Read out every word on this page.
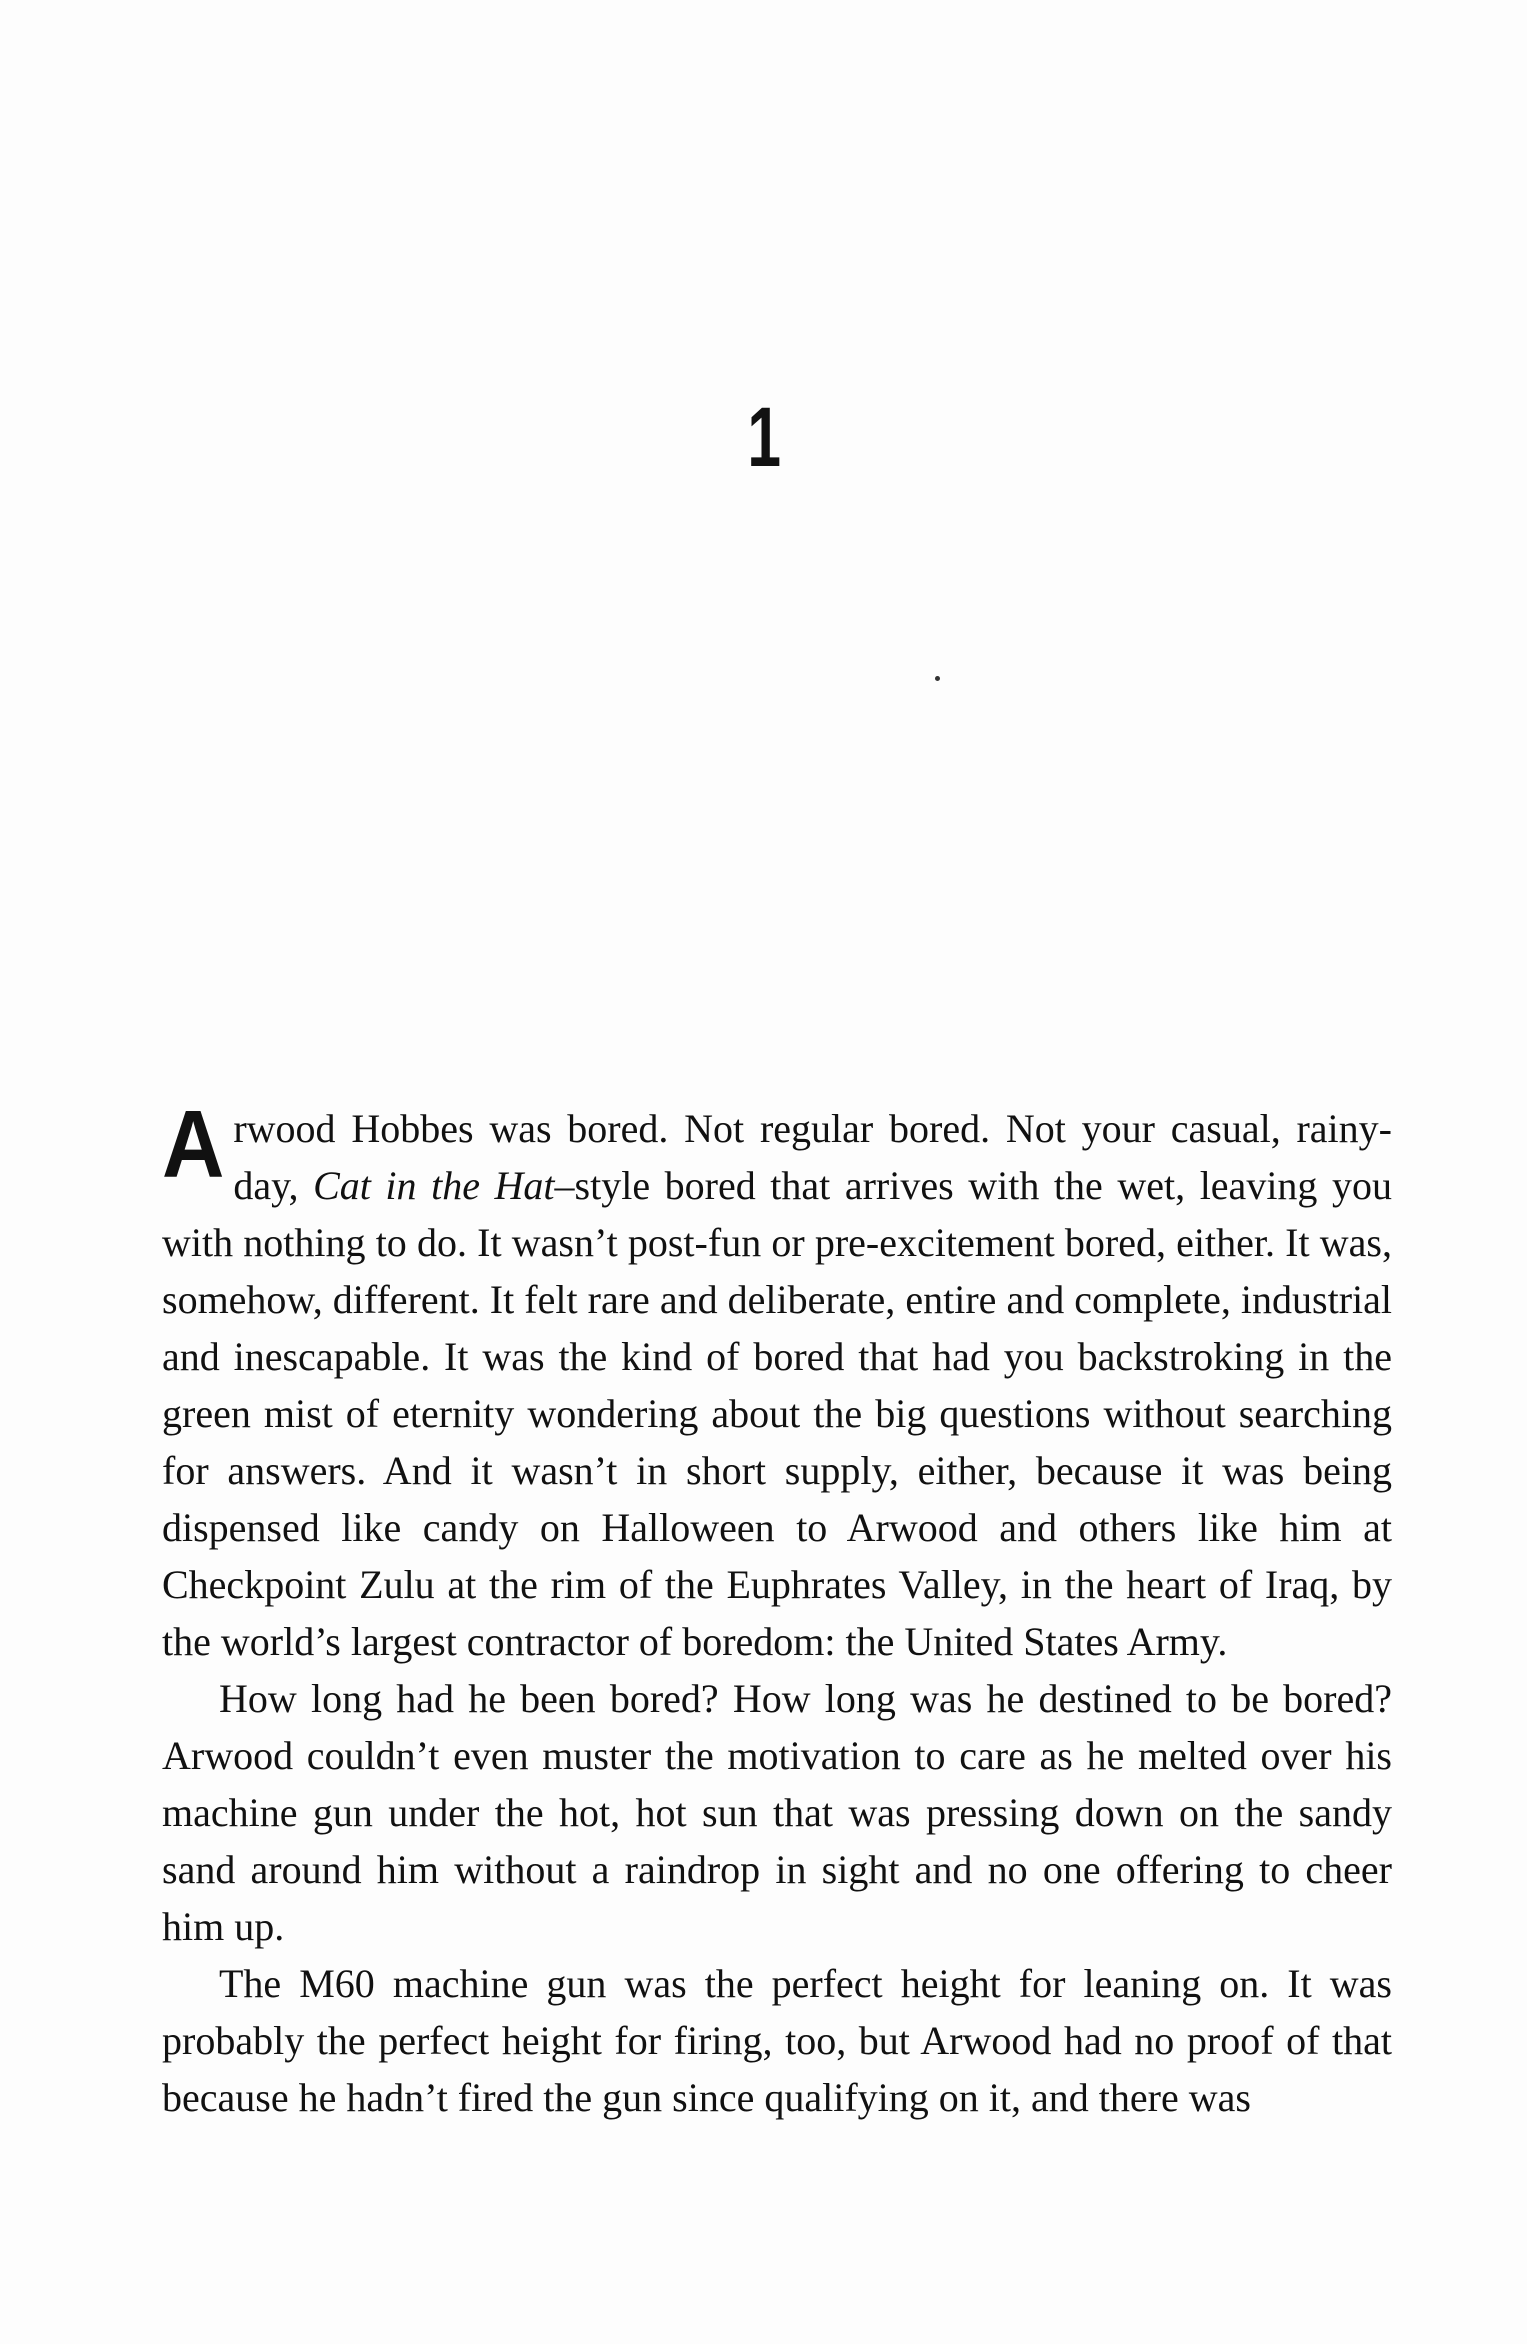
1

Arwood Hobbes was bored. Not regular bored. Not your casual, rainy-day, Cat in the Hat–style bored that arrives with the wet, leaving you with nothing to do. It wasn’t post-fun or pre-excitement bored, either. It was, somehow, different. It felt rare and deliberate, entire and complete, industrial and inescapable. It was the kind of bored that had you backstroking in the green mist of eternity wondering about the big questions without searching for answers. And it wasn’t in short supply, either, because it was being dispensed like candy on Halloween to Arwood and others like him at Checkpoint Zulu at the rim of the Euphrates Valley, in the heart of Iraq, by the world’s largest contractor of boredom: the United States Army.

How long had he been bored? How long was he destined to be bored? Arwood couldn’t even muster the motivation to care as he melted over his machine gun under the hot, hot sun that was pressing down on the sandy sand around him without a raindrop in sight and no one offering to cheer him up.

The M60 machine gun was the perfect height for leaning on. It was probably the perfect height for firing, too, but Arwood had no proof of that because he hadn’t fired the gun since qualifying on it, and there was
